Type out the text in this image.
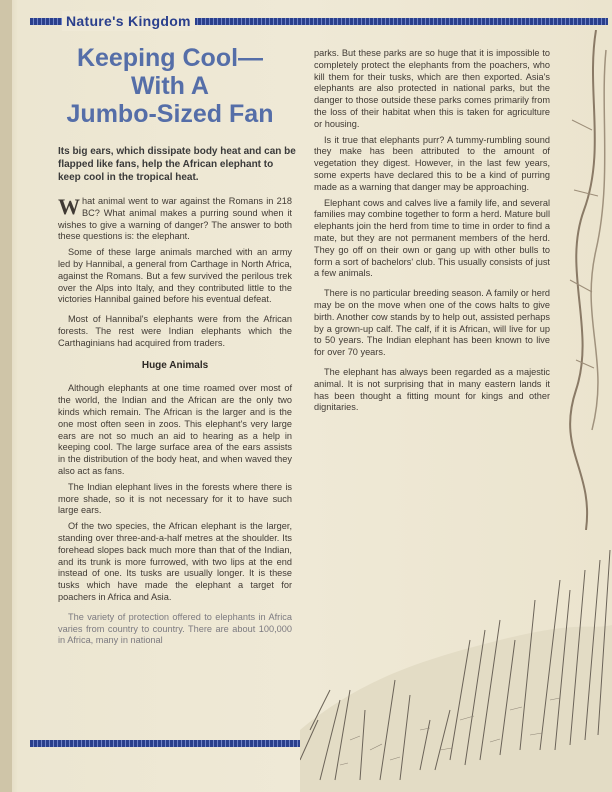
Nature's Kingdom
Keeping Cool—
With A
Jumbo-Sized Fan
Its big ears, which dissipate body heat and can be flapped like fans, help the African elephant to keep cool in the tropical heat.

What animal went to war against the Romans in 218 BC? What animal makes a purring sound when it wishes to give a warning of danger? The answer to both these questions is: the elephant.

Some of these large animals marched with an army led by Hannibal, a general from Carthage in North Africa, against the Romans. But a few survived the perilous trek over the Alps into Italy, and they contributed little to the victories Hannibal gained before his eventual defeat.

Most of Hannibal's elephants were from the African forests. The rest were Indian elephants which the Carthaginians had acquired from traders.

Huge Animals

Although elephants at one time roamed over most of the world, the Indian and the African are the only two kinds which remain. The African is the larger and is the one most often seen in zoos. This elephant's very large ears are not so much an aid to hearing as a help in keeping cool. The large surface area of the ears assists in the distribution of the body heat, and when waved they also act as fans.

The Indian elephant lives in the forests where there is more shade, so it is not necessary for it to have such large ears.

Of the two species, the African elephant is the larger, standing over three-and-a-half metres at the shoulder. Its forehead slopes back much more than that of the Indian, and its trunk is more furrowed, with two lips at the end instead of one. Its tusks are usually longer. It is these tusks which have made the elephant a target for poachers in Africa and Asia.

The variety of protection offered to elephants in Africa varies from country to country. There are about 100,000 in Africa, many in national

parks. But these parks are so huge that it is impossible to completely protect the elephants from the poachers, who kill them for their tusks, which are then exported. Asia's elephants are also protected in national parks, but the danger to those outside these parks comes primarily from the loss of their habitat when this is taken for agriculture or housing.

Is it true that elephants purr? A tummy-rumbling sound they make has been attributed to the amount of vegetation they digest. However, in the last few years, some experts have declared this to be a kind of purring made as a warning that danger may be approaching.

Elephant cows and calves live a family life, and several families may combine together to form a herd. Mature bull elephants join the herd from time to time in order to find a mate, but they are not permanent members of the herd. They go off on their own or gang up with other bulls to form a sort of bachelors' club. This usually consists of just a few animals.

There is no particular breeding season. A family or herd may be on the move when one of the cows halts to give birth. Another cow stands by to help out, assisted perhaps by a grown-up calf. The calf, if it is African, will live for up to 50 years. The Indian elephant has been known to live for over 70 years.

The elephant has always been regarded as a majestic animal. It is not surprising that in many eastern lands it has been thought a fitting mount for kings and other dignitaries.
